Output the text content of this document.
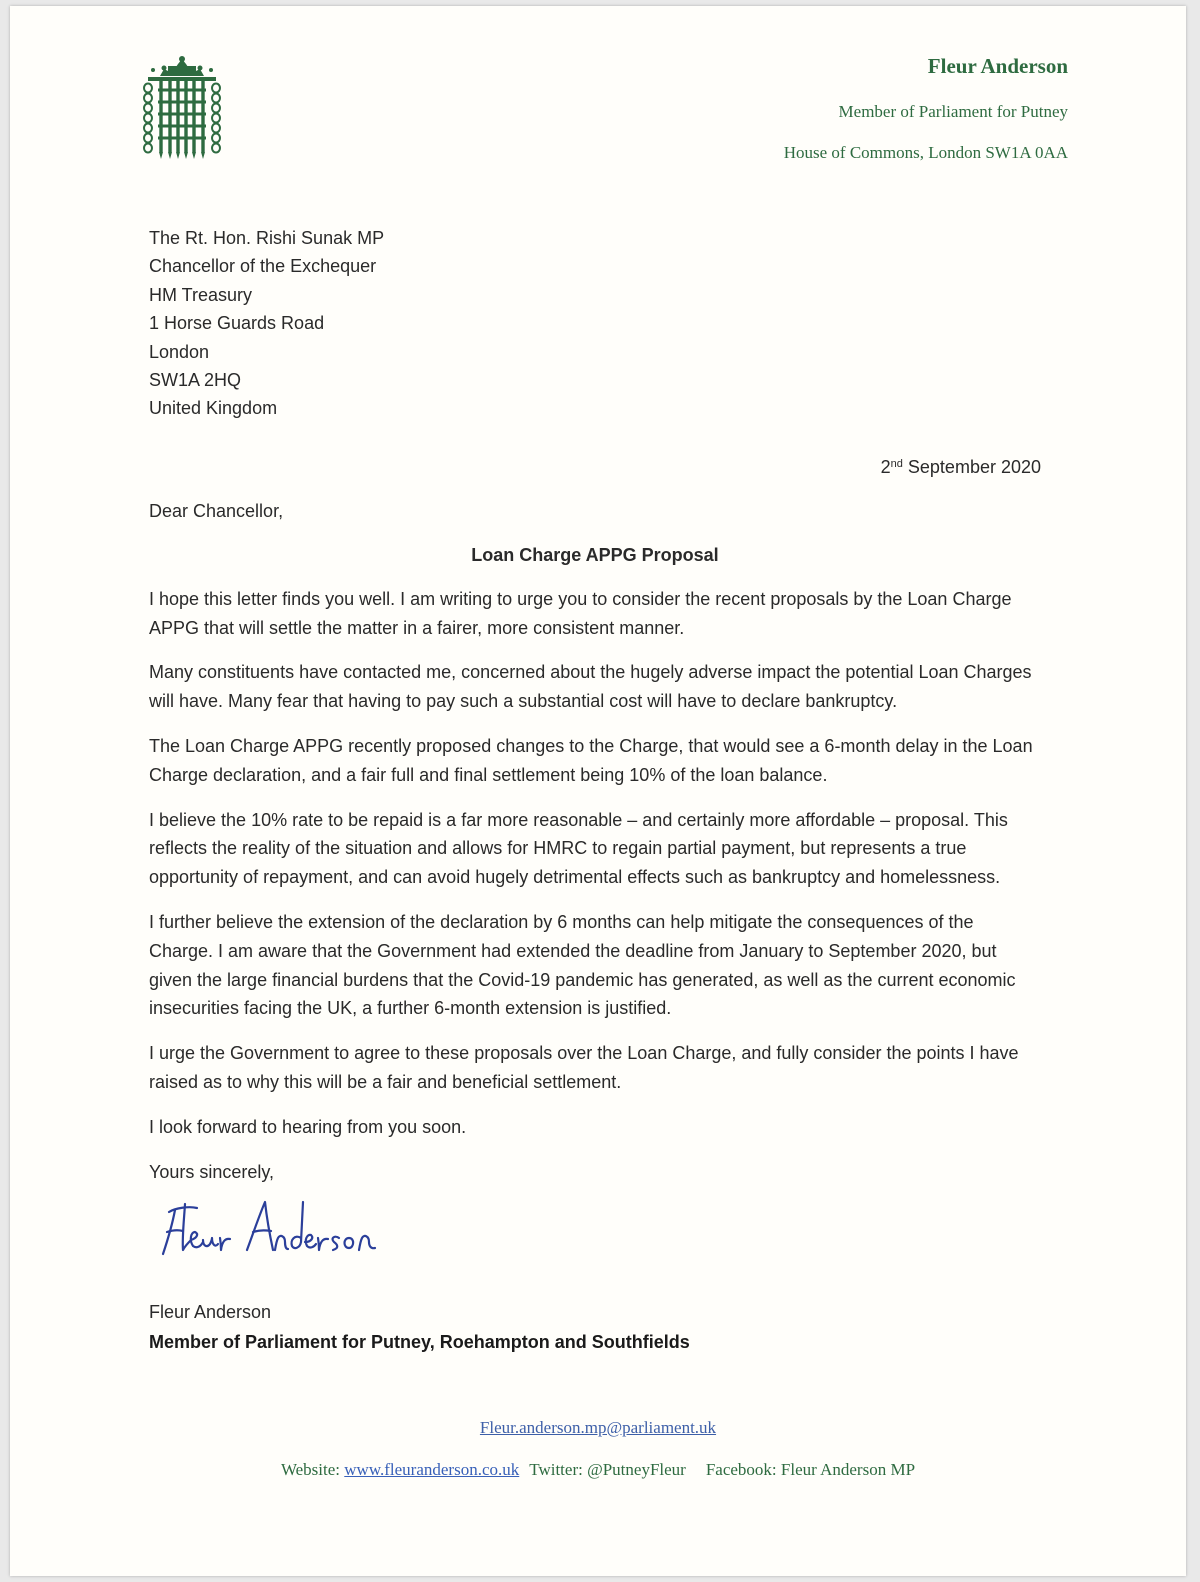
Fleur Anderson
Member of Parliament for Putney
House of Commons, London SW1A 0AA
The Rt. Hon. Rishi Sunak MP
Chancellor of the Exchequer
HM Treasury
1 Horse Guards Road
London
SW1A 2HQ
United Kingdom
2nd September 2020
Dear Chancellor,
Loan Charge APPG Proposal
I hope this letter finds you well. I am writing to urge you to consider the recent proposals by the Loan Charge APPG that will settle the matter in a fairer, more consistent manner.
Many constituents have contacted me, concerned about the hugely adverse impact the potential Loan Charges will have. Many fear that having to pay such a substantial cost will have to declare bankruptcy.
The Loan Charge APPG recently proposed changes to the Charge, that would see a 6-month delay in the Loan Charge declaration, and a fair full and final settlement being 10% of the loan balance.
I believe the 10% rate to be repaid is a far more reasonable – and certainly more affordable – proposal. This reflects the reality of the situation and allows for HMRC to regain partial payment, but represents a true opportunity of repayment, and can avoid hugely detrimental effects such as bankruptcy and homelessness.
I further believe the extension of the declaration by 6 months can help mitigate the consequences of the Charge. I am aware that the Government had extended the deadline from January to September 2020, but given the large financial burdens that the Covid-19 pandemic has generated, as well as the current economic insecurities facing the UK, a further 6-month extension is justified.
I urge the Government to agree to these proposals over the Loan Charge, and fully consider the points I have raised as to why this will be a fair and beneficial settlement.
I look forward to hearing from you soon.
Yours sincerely,
Fleur Anderson
Member of Parliament for Putney, Roehampton and Southfields
Fleur.anderson.mp@parliament.uk
Website: www.fleuranderson.co.uk Twitter: @PutneyFleur Facebook: Fleur Anderson MP
